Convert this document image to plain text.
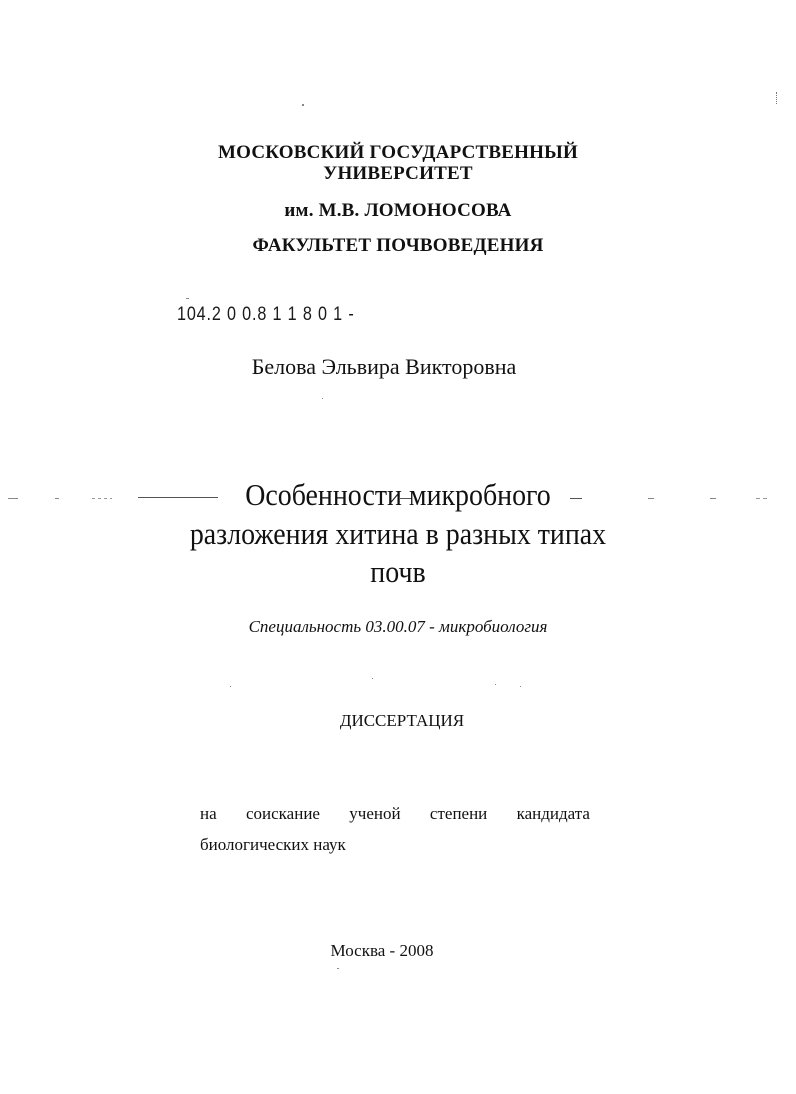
МОСКОВСКИЙ ГОСУДАРСТВЕННЫЙ
УНИВЕРСИТЕТ
им. М.В. ЛОМОНОСОВА
ФАКУЛЬТЕТ ПОЧВОВЕДЕНИЯ
104.2 0 0.8 1 1 8 0 1 -
Белова Эльвира Викторовна
Особенности микробного
разложения хитина в разных типах
почв
Специальность 03.00.07 - микробиология
ДИССЕРТАЦИЯ
на соискание ученой степени кандидата
биологических наук
Москва - 2008
